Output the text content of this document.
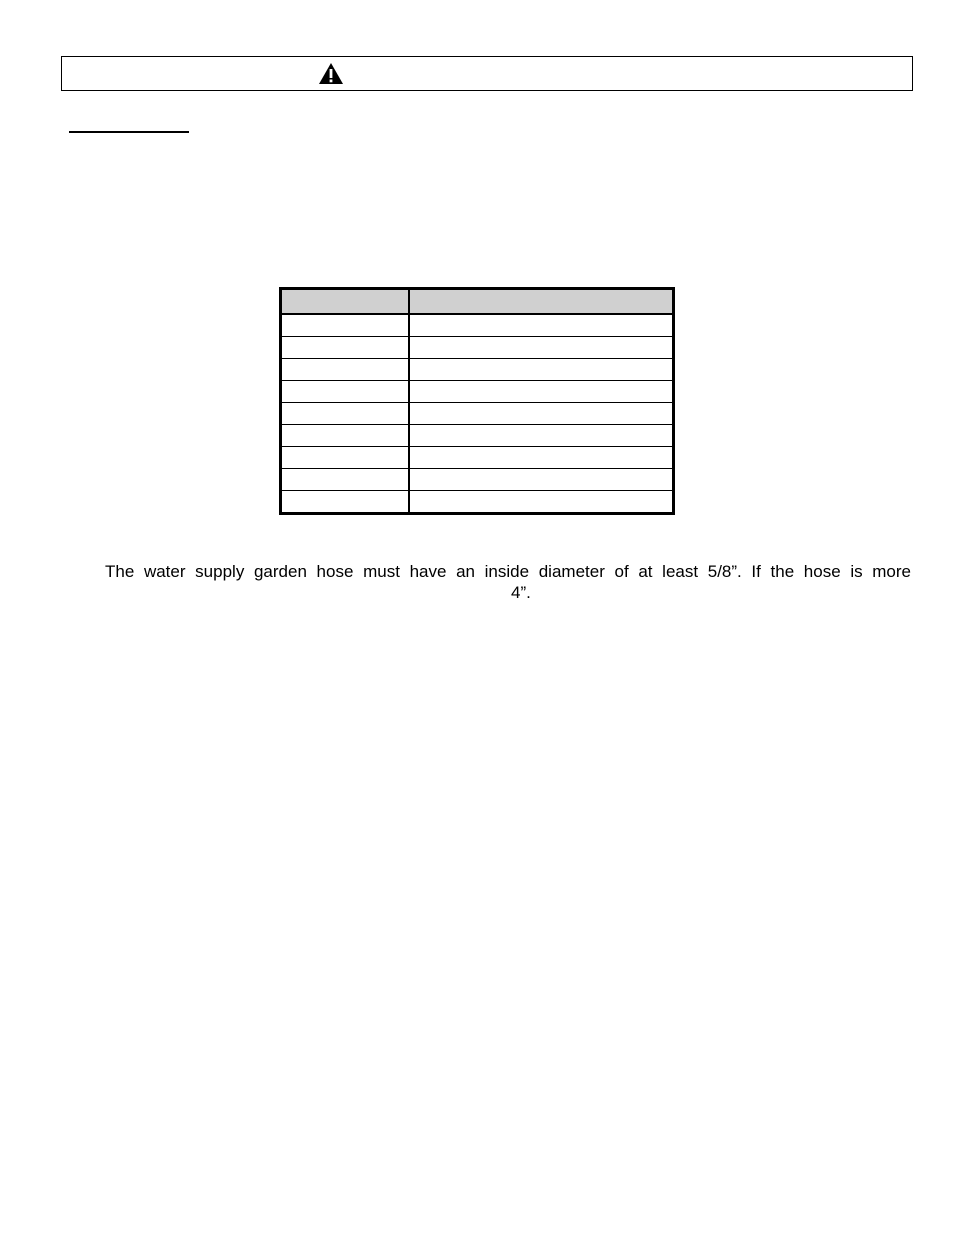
The water supply garden hose must have an inside diameter of at least 5/8”. If the hose is more
4”.
